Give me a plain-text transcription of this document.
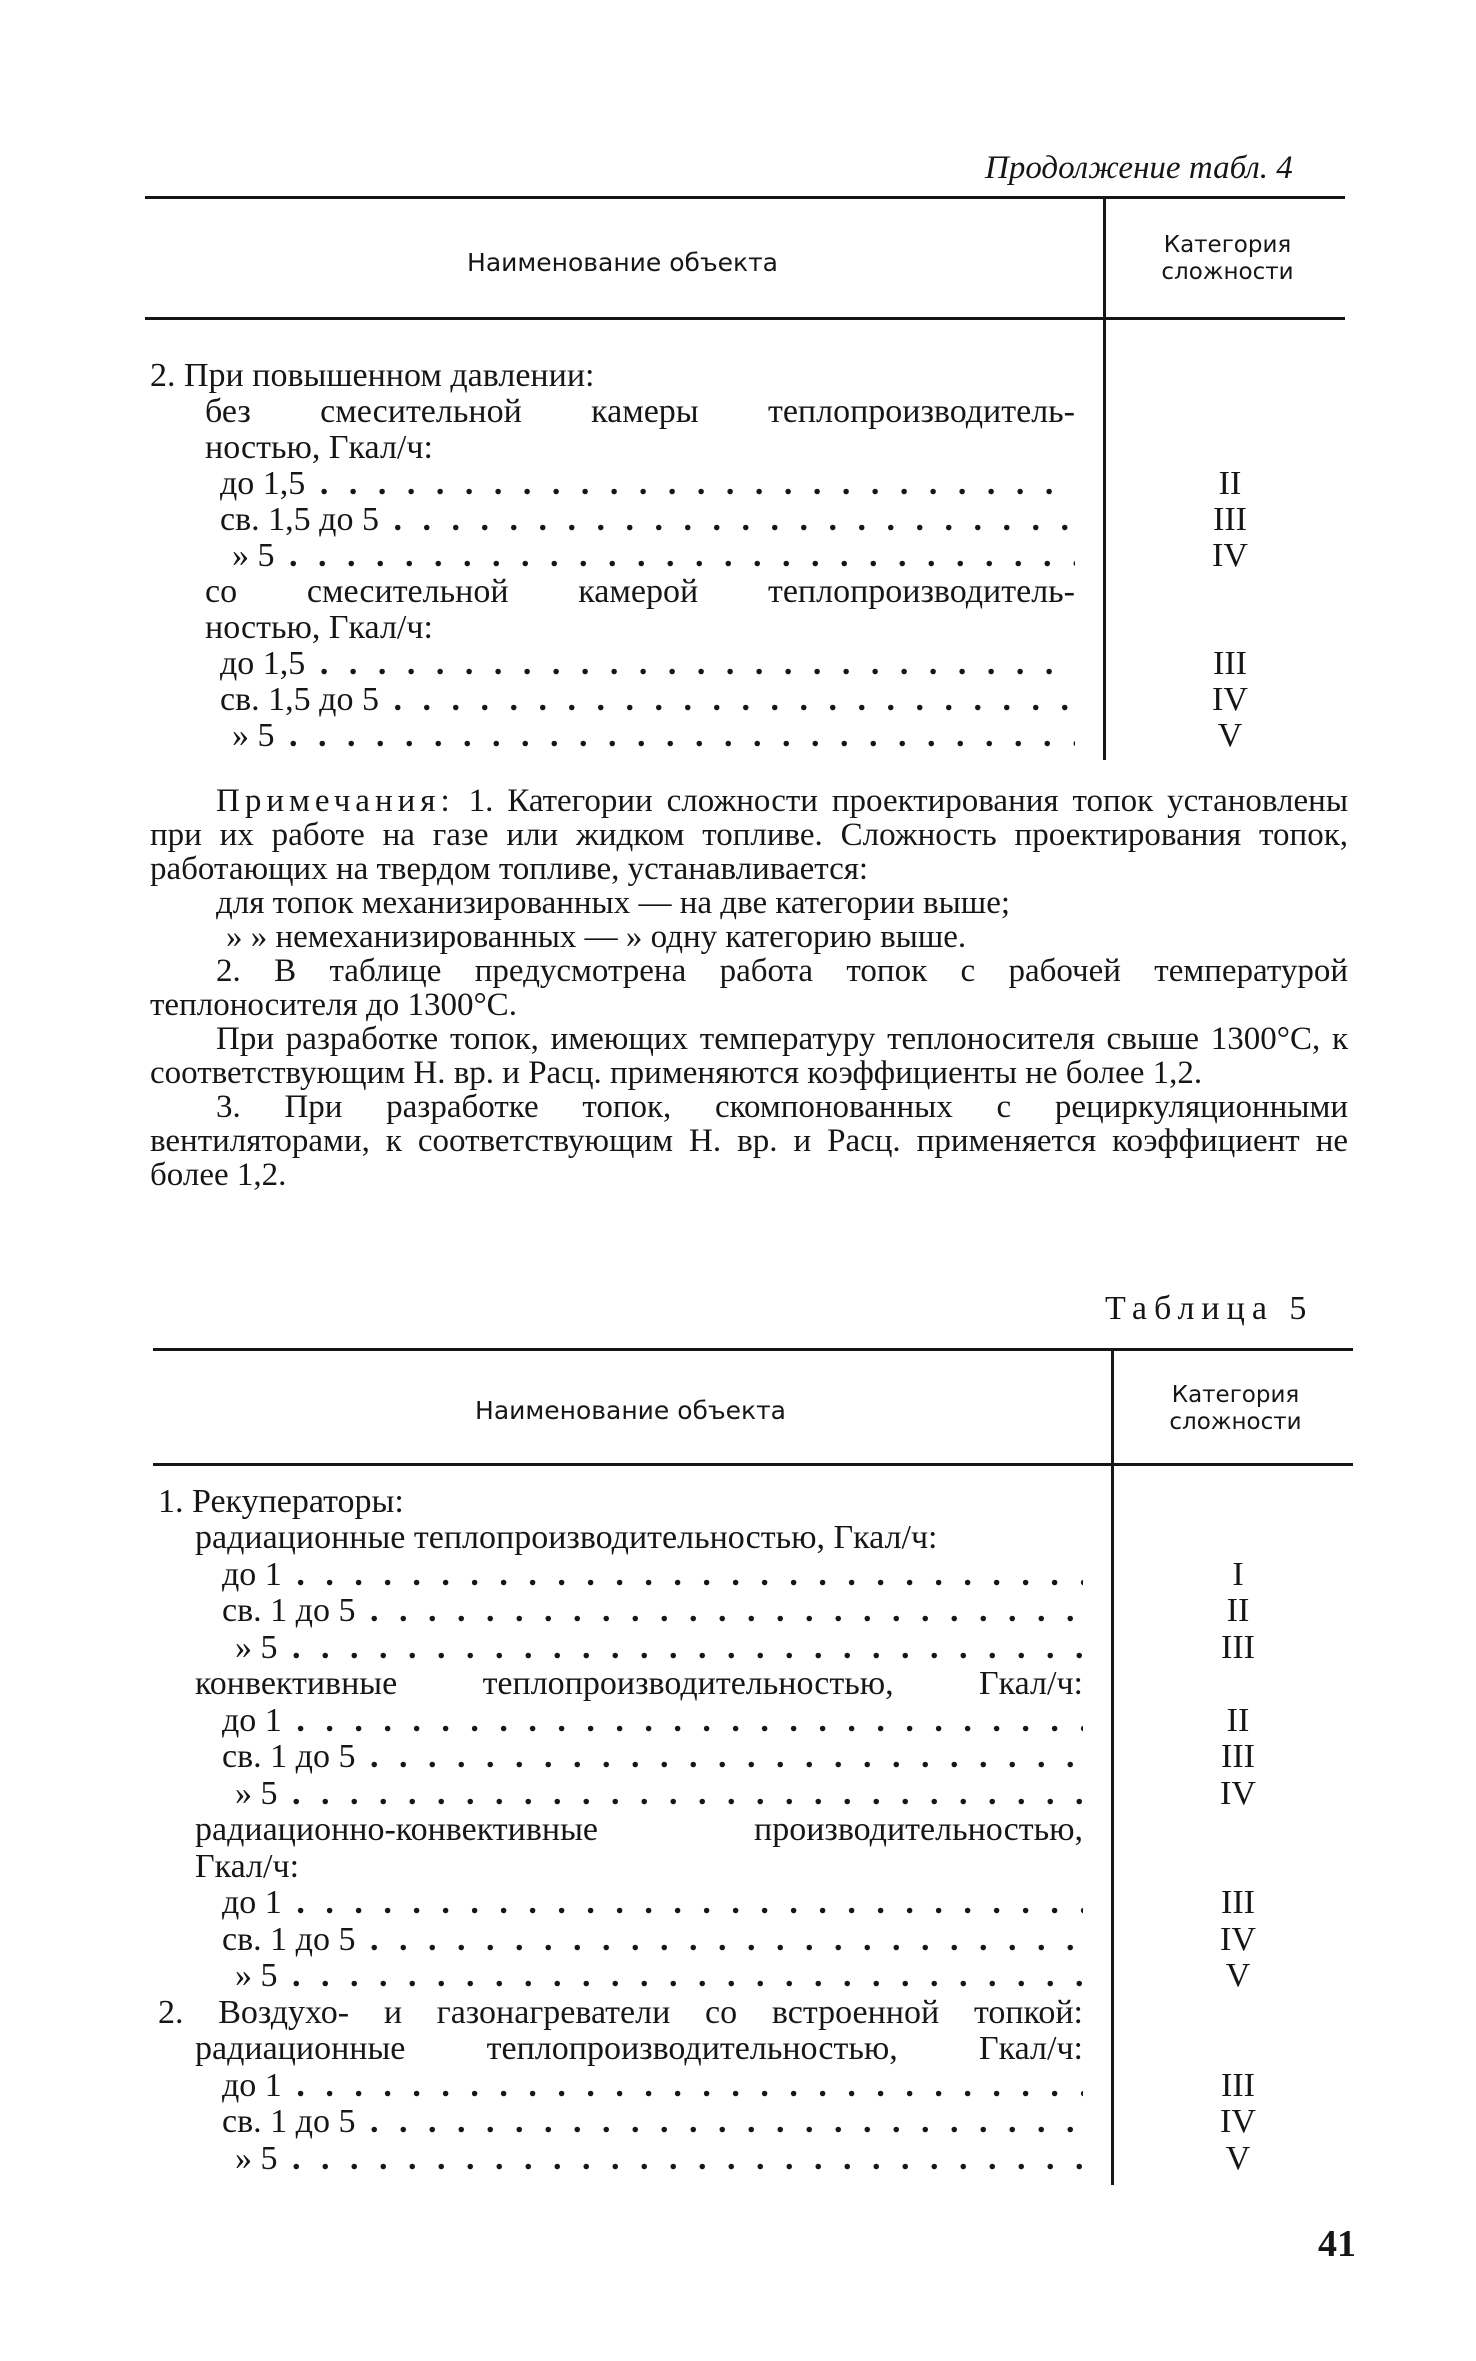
Продолжение табл. 4
Наименование объекта
Категория сложности
2. При повышенном давлении:
без смесительной камеры теплопроизводитель-
ностью, Гкал/ч:
до 1,5 . . .
св. 1,5 до 5 . . .
» 5 . . .
со смесительной камерой теплопроизводитель-
ностью, Гкал/ч:
до 1,5 . . .
св. 1,5 до 5 . . .
» 5 . . .
II
III
IV
III
IV
V

Примечания: 1. Категории сложности проектирования топок установлены при их работе на газе или жидком топливе. Сложность проектирования топок, работающих на твердом топливе, устанавливается:

для топок механизированных — на две категории выше;

» » немеханизированных — » одну категорию выше.

2. В таблице предусмотрена работа топок с рабочей температурой теплоносителя до 1300°С.

При разработке топок, имеющих температуру теплоносителя свыше 1300°С, к соответствующим Н. вр. и Расц. применяются коэффициенты не более 1,2.

3. При разработке топок, скомпонованных с рециркуляционными вентиляторами, к соответствующим Н. вр. и Расц. применяется коэффициент не более 1,2.

Таблица 5
Наименование объекта
Категория сложности
1. Рекуператоры:
радиационные теплопроизводительностью, Гкал/ч:
до 1 . . .
св. 1 до 5 . . .
» 5 . . .
конвективные теплопроизводительностью, Гкал/ч:
до 1 . . .
св. 1 до 5 . . .
» 5 . . .
радиационно-конвективные производительностью,
Гкал/ч:
до 1 . . .
св. 1 до 5 . . .
» 5 . . .
2. Воздухо- и газонагреватели со встроенной топкой:
радиационные теплопроизводительностью, Гкал/ч:
до 1 . . .
св. 1 до 5 . . .
» 5 . . .
I
II
III
II
III
IV
III
IV
V
III
IV
V
41
